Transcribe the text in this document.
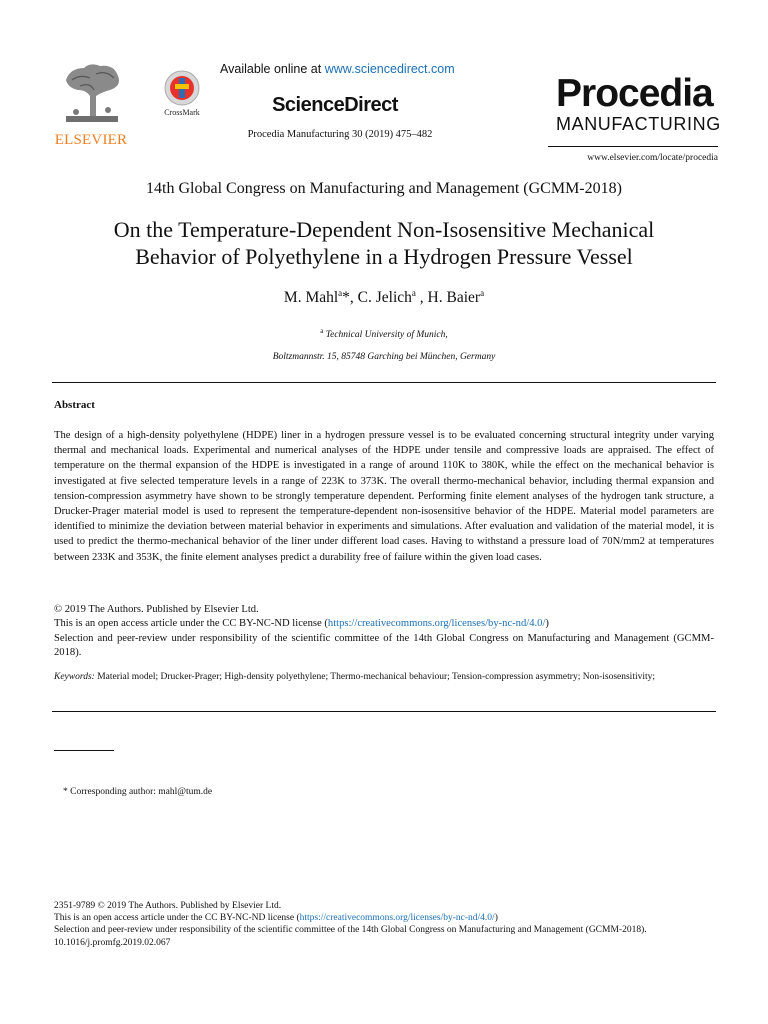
ELSEVIER
CrossMark
Available online at www.sciencedirect.com
ScienceDirect
Procedia Manufacturing 30 (2019) 475–482
Procedia
MANUFACTURING
www.elsevier.com/locate/procedia
14th Global Congress on Manufacturing and Management (GCMM-2018)
On the Temperature-Dependent Non-Isosensitive Mechanical
Behavior of Polyethylene in a Hydrogen Pressure Vessel
M. Mahl$^a$*, C. Jelich$^a$ , H. Baier$^a$
$^a$ Technical University of Munich,
Boltzmannstr. 15, 85748 Garching bei München, Germany
Abstract
The design of a high-density polyethylene (HDPE) liner in a hydrogen pressure vessel is to be evaluated concerning structural integrity under varying thermal and mechanical loads. Experimental and numerical analyses of the HDPE under tensile and compressive loads are appraised. The effect of temperature on the thermal expansion of the HDPE is investigated in a range of around 110K to 380K, while the effect on the mechanical behavior is investigated at five selected temperature levels in a range of 223K to 373K. The overall thermo-mechanical behavior, including thermal expansion and tension-compression asymmetry have shown to be strongly temperature dependent. Performing finite element analyses of the hydrogen tank structure, a Drucker-Prager material model is used to represent the temperature-dependent non-isosensitive behavior of the HDPE. Material model parameters are identified to minimize the deviation between material behavior in experiments and simulations. After evaluation and validation of the material model, it is used to predict the thermo-mechanical behavior of the liner under different load cases. Having to withstand a pressure load of 70N/mm2 at temperatures between 233K and 353K, the finite element analyses predict a durability free of failure within the given load cases.
© 2019 The Authors. Published by Elsevier Ltd.
This is an open access article under the CC BY-NC-ND license (https://creativecommons.org/licenses/by-nc-nd/4.0/)
Selection and peer-review under responsibility of the scientific committee of the 14th Global Congress on Manufacturing and Management (GCMM-2018).
Keywords: Material model; Drucker-Prager; High-density polyethylene; Thermo-mechanical behaviour; Tension-compression asymmetry; Non-isosensitivity;
* Corresponding author: mahl@tum.de
2351-9789 © 2019 The Authors. Published by Elsevier Ltd.
This is an open access article under the CC BY-NC-ND license (https://creativecommons.org/licenses/by-nc-nd/4.0/)
Selection and peer-review under responsibility of the scientific committee of the 14th Global Congress on Manufacturing and Management (GCMM-2018).
10.1016/j.promfg.2019.02.067
